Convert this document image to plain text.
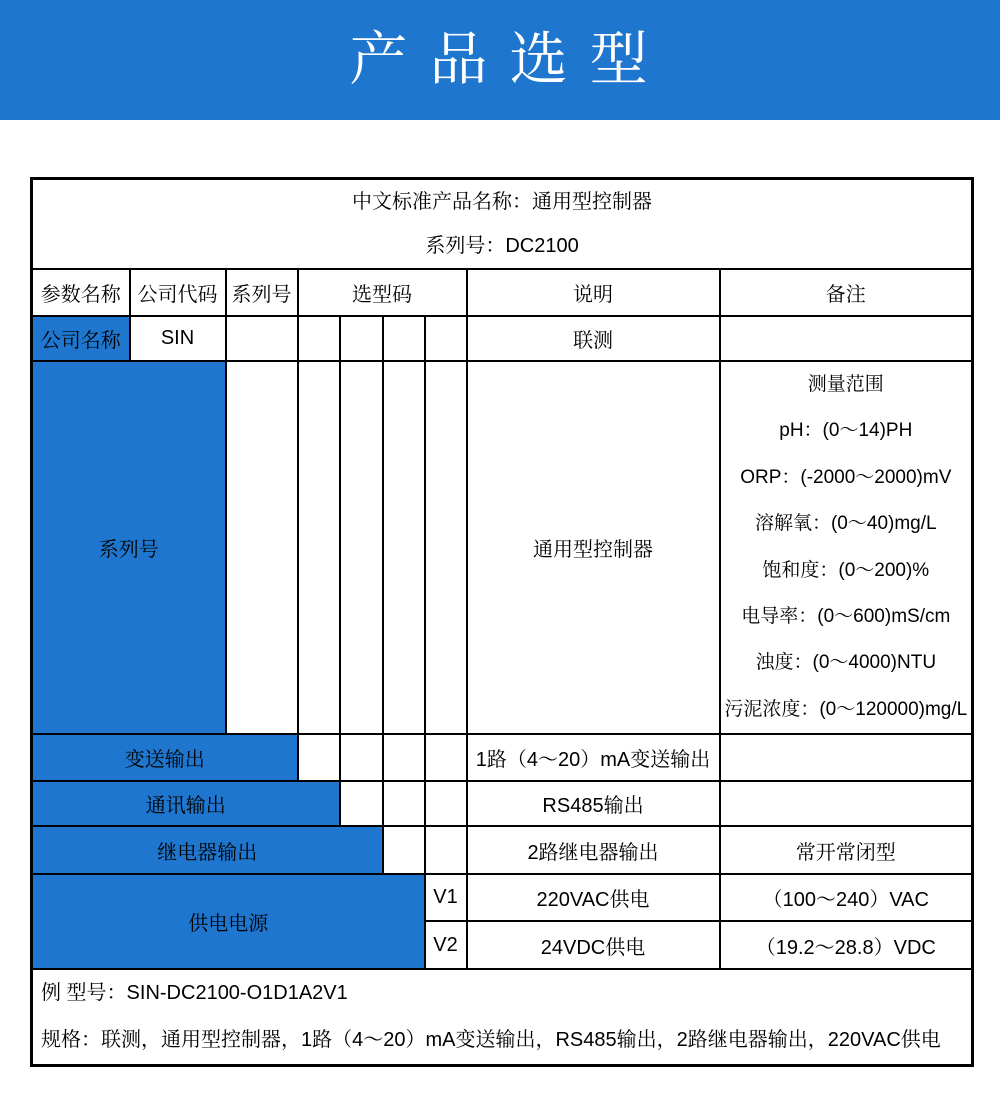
产 品 选 型
中文标准产品名称：通用型控制器
系列号：DC2100								

参数名称	公司代码	系列号	选型码				说明	备注
公司名称	SIN						联测	
系列号						通用型控制器	
测量范围
pH：(0～14)PH
ORP：(-2000～2000)mV
溶解氧：(0～40)mg/L
饱和度：(0～200)%
电导率：(0～600)mS/cm
浊度：(0～4000)NTU
污泥浓度：(0～120000)mg/L

变送输出							1路（4～20）mA变送输出	
通讯输出							RS485输出	
继电器输出							2路继电器输出	常开常闭型
供电电源						V1	220VAC供电	（100～240）VAC
						V2	24VDC供电	（19.2～28.8）VDC

例 型号：SIN-DC2100-O1D1A2V1
规格：联测，通用型控制器，1路（4～20）mA变送输出，RS485输出，2路继电器输出，220VAC供电								
